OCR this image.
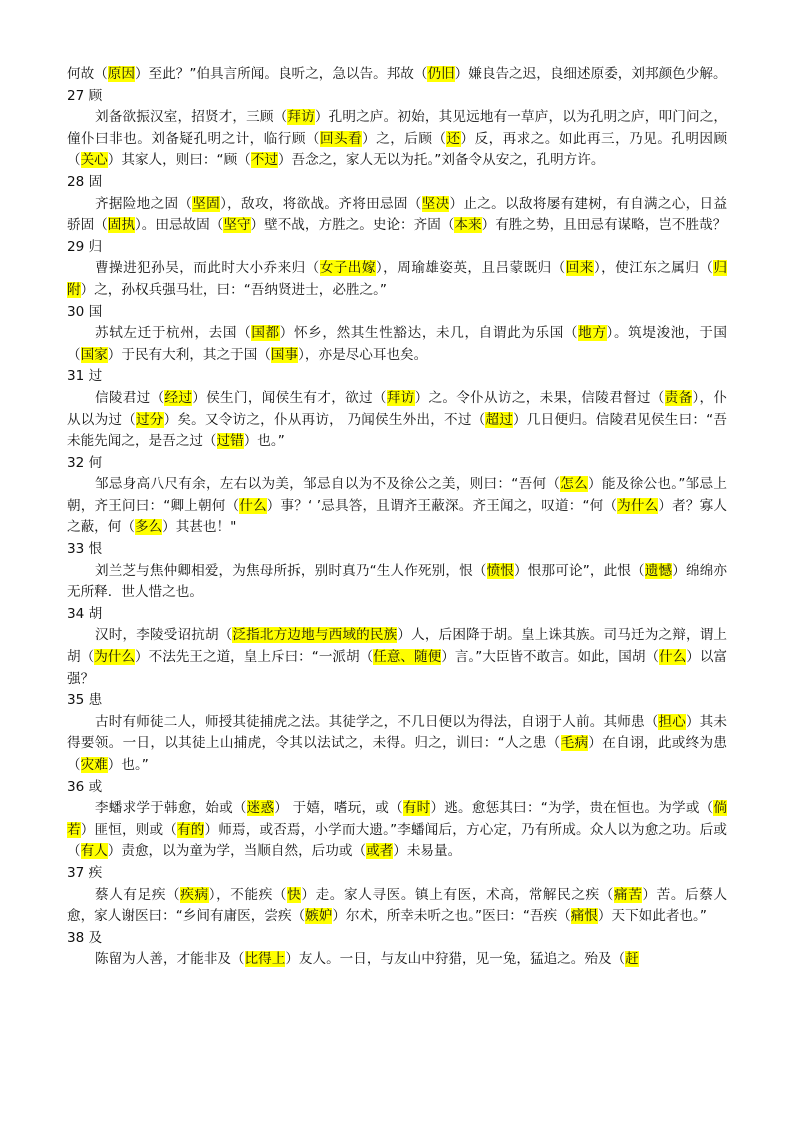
何故（原因）至此？”伯具言所闻。良听之，急以告。邦故（仍旧）嫌良告之迟，良细述原委，刘邦颜色少解。

27 顾

刘备欲振汉室，招贤才，三顾（拜访）孔明之庐。初始，其见远地有一草庐，以为孔明之庐，叩门问之，僮仆曰非也。刘备疑孔明之计，临行顾（回头看）之，后顾（还）反，再求之。如此再三，乃见。孔明因顾（关心）其家人，则曰：“顾（不过）吾念之，家人无以为托。”刘备令从安之，孔明方许。

28 固

齐据险地之固（坚固），敌攻，将欲战。齐将田忌固（坚决）止之。以敌将屡有建树，有自满之心，日益骄固（固执）。田忌故固（坚守）壁不战，方胜之。史论：齐固（本来）有胜之势，且田忌有谋略，岂不胜哉？

29 归

曹操进犯孙吴，而此时大小乔来归（女子出嫁），周瑜雄姿英，且吕蒙既归（回来），使江东之属归（归附）之，孙权兵强马壮，曰：“吾纳贤进士，必胜之。”

30 国

苏轼左迁于杭州，去国（国都）怀乡，然其生性豁达，未几，自谓此为乐国（地方）。筑堤浚池，于国（国家）于民有大利，其之于国（国事），亦是尽心耳也矣。

31 过

信陵君过（经过）侯生门，闻侯生有才，欲过（拜访）之。令仆从访之，未果，信陵君督过（责备），仆从以为过（过分）矣。又令访之，仆从再访， 乃闻侯生外出，不过（超过）几日便归。信陵君见侯生曰：“吾未能先闻之，是吾之过（过错）也。”

32 何

邹忌身高八尺有余，左右以为美，邹忌自以为不及徐公之美，则曰：“吾何（怎么）能及徐公也。”邹忌上朝，齐王问曰：“卿上朝何（什么）事？‘ ’忌具答，且谓齐王蔽深。齐王闻之，叹道：“何（为什么）者？寡人之蔽，何（多么）其甚也！"

33 恨

刘兰芝与焦仲卿相爱，为焦母所拆，别时真乃“生人作死别，恨（愤恨）恨那可论”，此恨（遗憾）绵绵亦无所释．世人惜之也。

34 胡

汉时，李陵受诏抗胡（泛指北方边地与西域的民族）人，后困降于胡。皇上诛其族。司马迁为之辩，谓上胡（为什么）不法先王之道，皇上斥曰：“一派胡（任意、随便）言。”大臣皆不敢言。如此，国胡（什么）以富强？

35 患

古时有师徒二人，师授其徒捕虎之法。其徒学之，不几日便以为得法，自诩于人前。其师患（担心）其未得要领。一日，以其徒上山捕虎，令其以法试之，未得。归之，训曰：“人之患（毛病）在自诩，此或终为患（灾难）也。”

36 或

李蟠求学于韩愈，始或（迷惑） 于嬉，嗜玩，或（有时）逃。愈惩其曰：“为学，贵在恒也。为学或（倘若）匪恒，则或（有的）师焉，或否焉，小学而大遗。”李蟠闻后，方心定，乃有所成。众人以为愈之功。后或（有人）责愈，以为童为学，当顺自然，后功或（或者）未易量。

37 疾

蔡人有足疾（疾病），不能疾（快）走。家人寻医。镇上有医，术高，常解民之疾（痛苦）苦。后蔡人愈，家人谢医曰：“乡间有庸医，尝疾（嫉妒）尔术，所幸未听之也。”医曰：“吾疾（痛恨）天下如此者也。”

38 及

陈留为人善，才能非及（比得上）友人。一日，与友山中狩猎，见一兔，猛追之。殆及（赶
